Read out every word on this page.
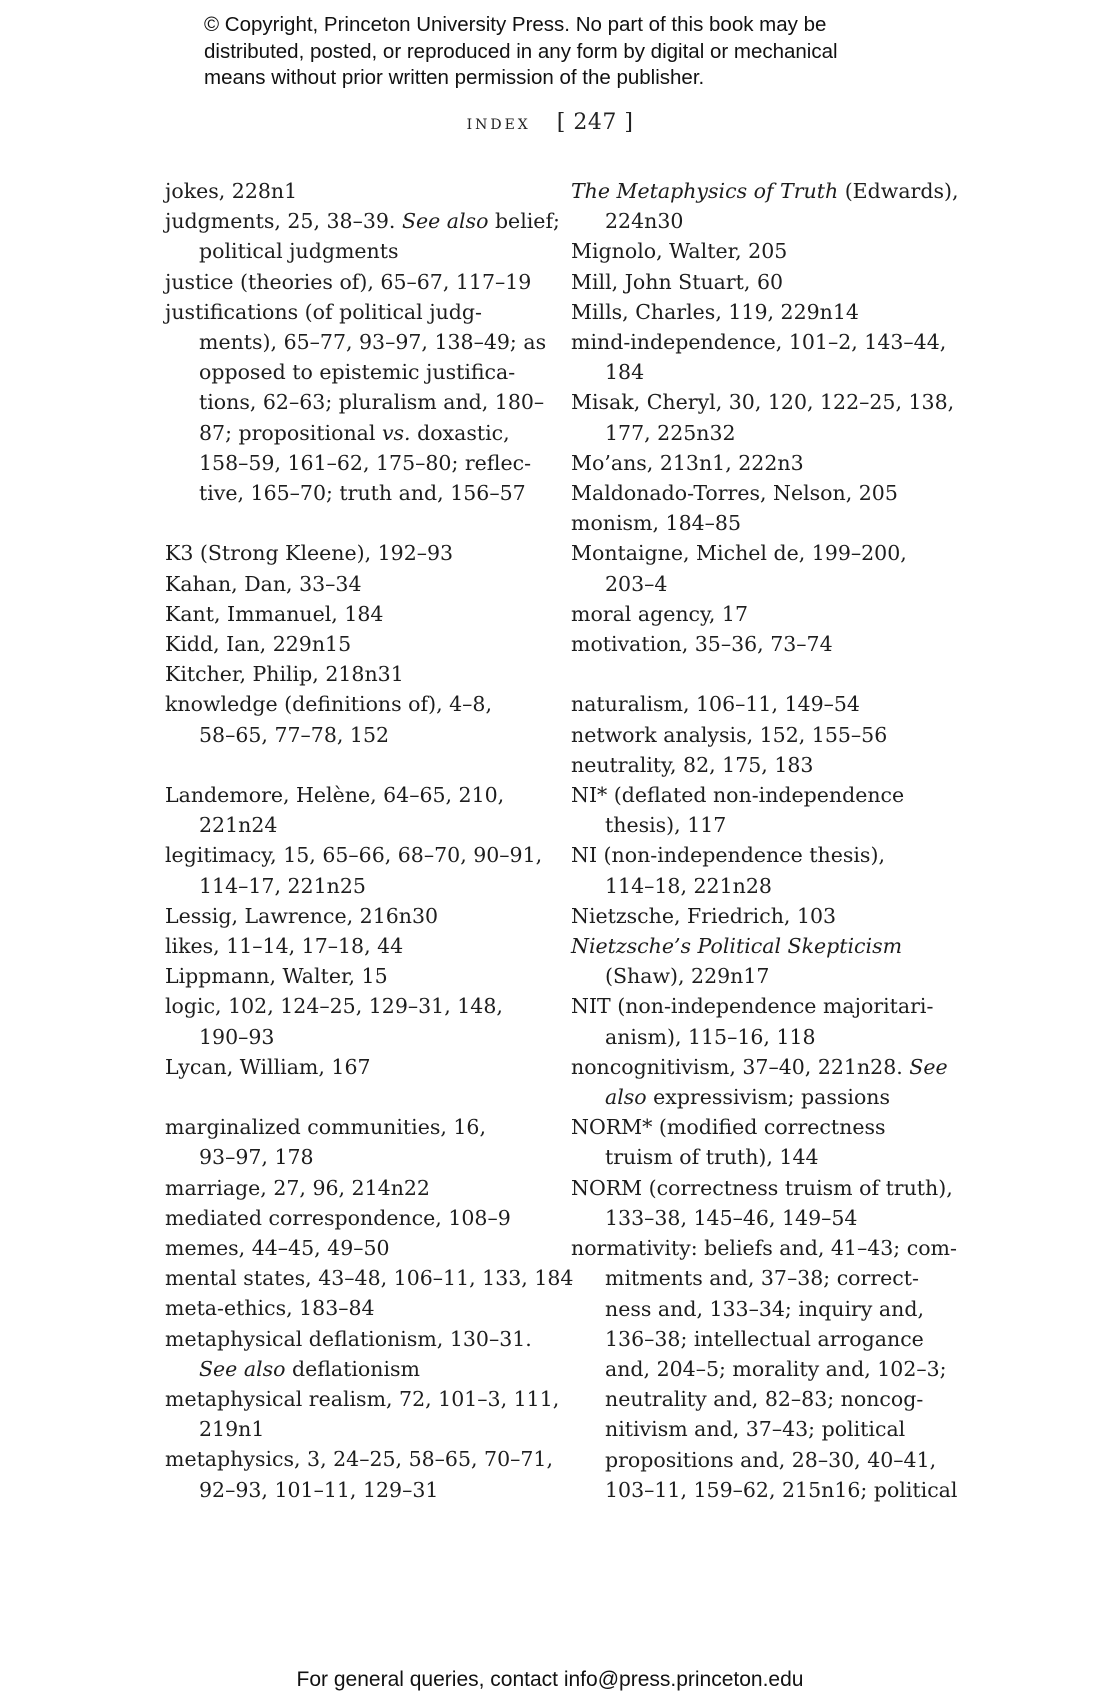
© Copyright, Princeton University Press. No part of this book may be
distributed, posted, or reproduced in any form by digital or mechanical
means without prior written permission of the publisher.
index [ 247 ]
jokes, 228n1
judgments, 25, 38–39. See also belief;
political judgments
justice (theories of), 65–67, 117–19
justifications (of political judg-
ments), 65–77, 93–97, 138–49; as
opposed to epistemic justifica-
tions, 62–63; pluralism and, 180–
87; propositional vs. doxastic,
158–59, 161–62, 175–80; reflec-
tive, 165–70; truth and, 156–57
K3 (Strong Kleene), 192–93
Kahan, Dan, 33–34
Kant, Immanuel, 184
Kidd, Ian, 229n15
Kitcher, Philip, 218n31
knowledge (definitions of), 4–8,
58–65, 77–78, 152
Landemore, Helène, 64–65, 210,
221n24
legitimacy, 15, 65–66, 68–70, 90–91,
114–17, 221n25
Lessig, Lawrence, 216n30
likes, 11–14, 17–18, 44
Lippmann, Walter, 15
logic, 102, 124–25, 129–31, 148,
190–93
Lycan, William, 167
marginalized communities, 16,
93–97, 178
marriage, 27, 96, 214n22
mediated correspondence, 108–9
memes, 44–45, 49–50
mental states, 43–48, 106–11, 133, 184
meta-ethics, 183–84
metaphysical deflationism, 130–31.
See also deflationism
metaphysical realism, 72, 101–3, 111,
219n1
metaphysics, 3, 24–25, 58–65, 70–71,
92–93, 101–11, 129–31
The Metaphysics of Truth (Edwards),
224n30
Mignolo, Walter, 205
Mill, John Stuart, 60
Mills, Charles, 119, 229n14
mind-independence, 101–2, 143–44,
184
Misak, Cheryl, 30, 120, 122–25, 138,
177, 225n32
Mo’ans, 213n1, 222n3
Maldonado-Torres, Nelson, 205
monism, 184–85
Montaigne, Michel de, 199–200,
203–4
moral agency, 17
motivation, 35–36, 73–74
naturalism, 106–11, 149–54
network analysis, 152, 155–56
neutrality, 82, 175, 183
NI* (deflated non-independence
thesis), 117
NI (non-independence thesis),
114–18, 221n28
Nietzsche, Friedrich, 103
Nietzsche’s Political Skepticism
(Shaw), 229n17
NIT (non-independence majoritari-
anism), 115–16, 118
noncognitivism, 37–40, 221n28. See
also expressivism; passions
NORM* (modified correctness
truism of truth), 144
NORM (correctness truism of truth),
133–38, 145–46, 149–54
normativity: beliefs and, 41–43; com-
mitments and, 37–38; correct-
ness and, 133–34; inquiry and,
136–38; intellectual arrogance
and, 204–5; morality and, 102–3;
neutrality and, 82–83; noncog-
nitivism and, 37–43; political
propositions and, 28–30, 40–41,
103–11, 159–62, 215n16; political
For general queries, contact info@press.princeton.edu
